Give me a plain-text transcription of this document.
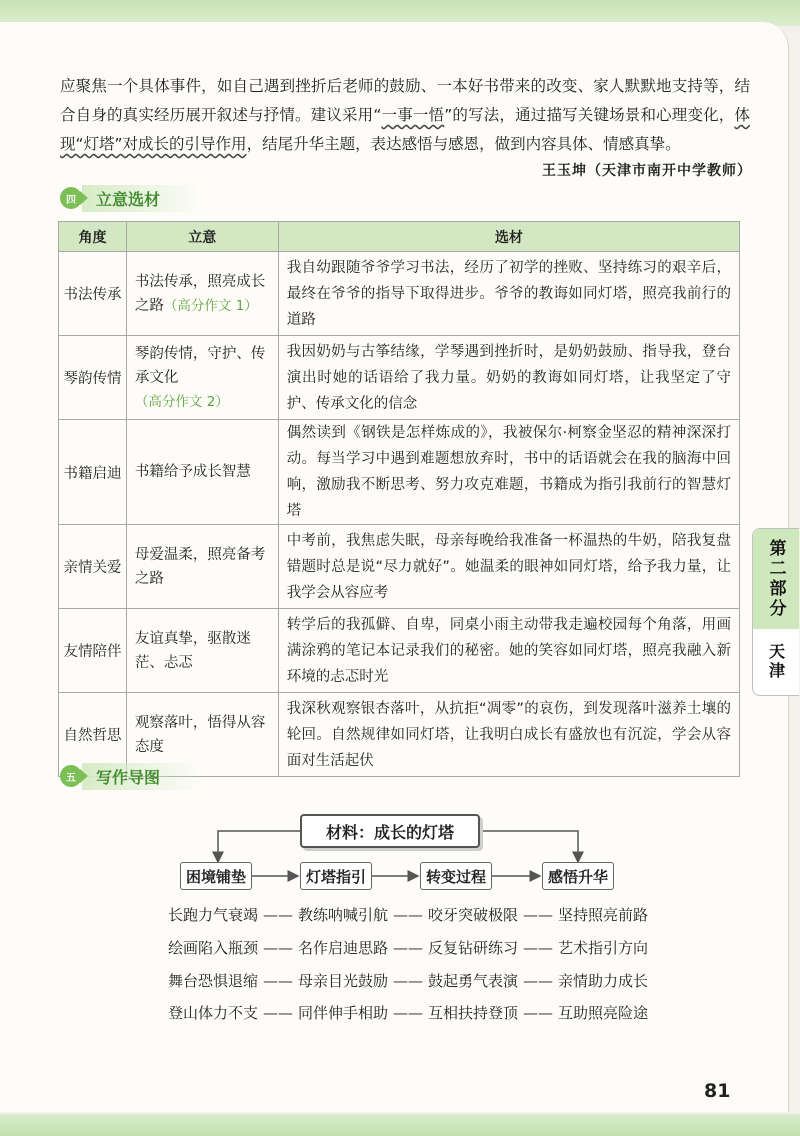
应聚焦一个具体事件，如自己遇到挫折后老师的鼓励、一本好书带来的改变、家人默默地支持等，结合自身的真实经历展开叙述与抒情。建议采用“一事一悟”的写法，通过描写关键场景和心理变化，体现“灯塔”对成长的引导作用，结尾升华主题，表达感悟与感恩，做到内容具体、情感真挚。
王玉坤（天津市南开中学教师）
四	立意选材
角度	立意	选材
书法传承	书法传承，照亮成长之路（高分作文 1）	我自幼跟随爷爷学习书法，经历了初学的挫败、坚持练习的艰辛后，最终在爷爷的指导下取得进步。爷爷的教诲如同灯塔，照亮我前行的道路
琴韵传情	琴韵传情，守护、传承文化（高分作文 2）	我因奶奶与古筝结缘，学琴遇到挫折时，是奶奶鼓励、指导我，登台演出时她的话语给了我力量。奶奶的教诲如同灯塔，让我坚定了守护、传承文化的信念
书籍启迪	书籍给予成长智慧	偶然读到《钢铁是怎样炼成的》，我被保尔·柯察金坚忍的精神深深打动。每当学习中遇到难题想放弃时，书中的话语就会在我的脑海中回响，激励我不断思考、努力攻克难题，书籍成为指引我前行的智慧灯塔
亲情关爱	母爱温柔，照亮备考之路	中考前，我焦虑失眠，母亲每晚给我准备一杯温热的牛奶，陪我复盘错题时总是说“尽力就好”。她温柔的眼神如同灯塔，给予我力量，让我学会从容应考
友情陪伴	友谊真挚，驱散迷茫、忐忑	转学后的我孤僻、自卑，同桌小雨主动带我走遍校园每个角落，用画满涂鸦的笔记本记录我们的秘密。她的笑容如同灯塔，照亮我融入新环境的忐忑时光
自然哲思	观察落叶，悟得从容态度	我深秋观察银杏落叶，从抗拒“凋零”的哀伤，到发现落叶滋养土壤的轮回。自然规律如同灯塔，让我明白成长有盛放也有沉淀，学会从容面对生活起伏
第二部分
天津
五	写作导图
材料：成长的灯塔
困境铺垫	灯塔指引	转变过程	感悟升华
长跑力气衰竭 —— 教练呐喊引航 —— 咬牙突破极限 —— 坚持照亮前路
绘画陷入瓶颈 —— 名作启迪思路 —— 反复钻研练习 —— 艺术指引方向
舞台恐惧退缩 —— 母亲目光鼓励 —— 鼓起勇气表演 —— 亲情助力成长
登山体力不支 —— 同伴伸手相助 —— 互相扶持登顶 —— 互助照亮险途
81
